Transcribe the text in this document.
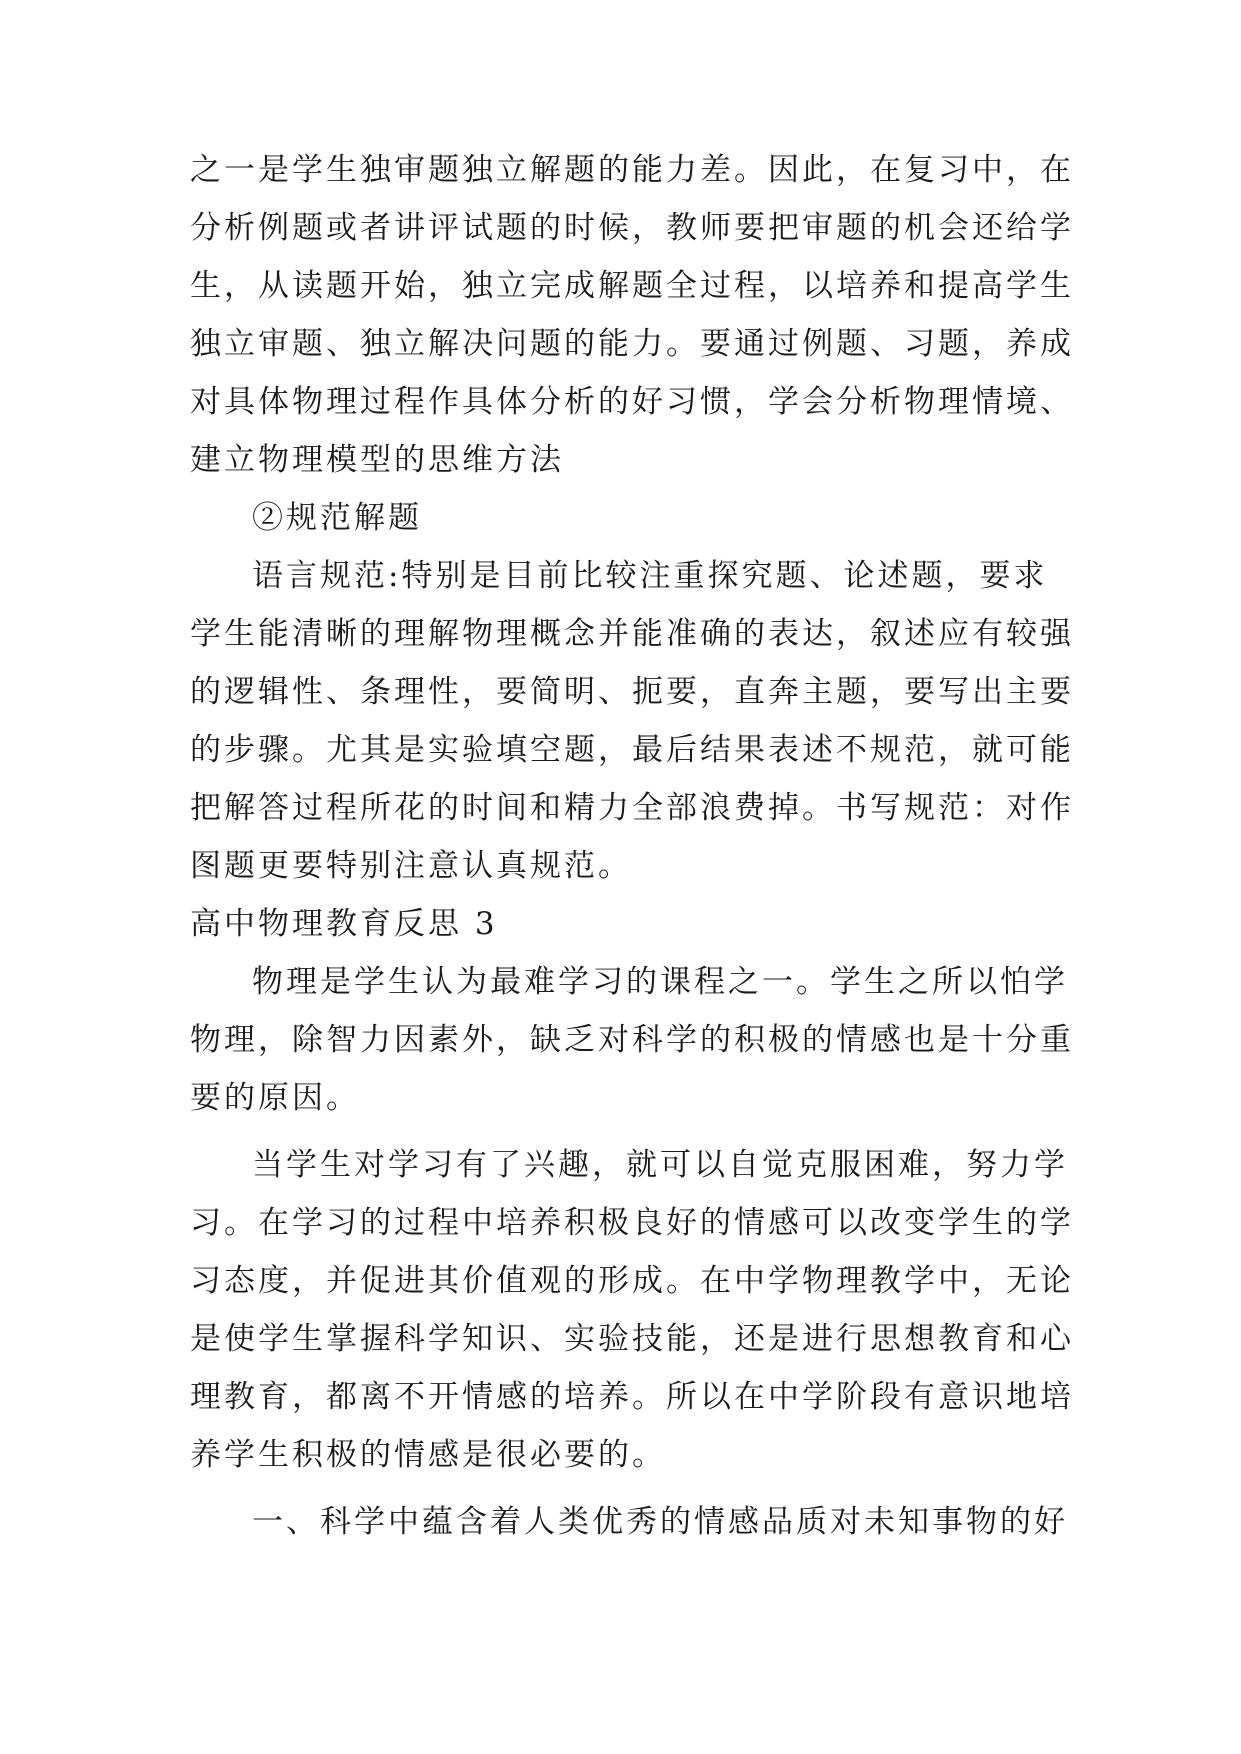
之一是学生独审题独立解题的能力差。因此，在复习中，在
分析例题或者讲评试题的时候，教师要把审题的机会还给学
生，从读题开始，独立完成解题全过程，以培养和提高学生
独立审题、独立解决问题的能力。要通过例题、习题，养成
对具体物理过程作具体分析的好习惯，学会分析物理情境、
建立物理模型的思维方法
②规范解题
语言规范:特别是目前比较注重探究题、论述题，要求
学生能清晰的理解物理概念并能准确的表达，叙述应有较强
的逻辑性、条理性，要简明、扼要，直奔主题，要写出主要
的步骤。尤其是实验填空题，最后结果表述不规范，就可能
把解答过程所花的时间和精力全部浪费掉。书写规范：对作
图题更要特别注意认真规范。
高中物理教育反思 3
物理是学生认为最难学习的课程之一。学生之所以怕学
物理，除智力因素外，缺乏对科学的积极的情感也是十分重
要的原因。
当学生对学习有了兴趣，就可以自觉克服困难，努力学
习。在学习的过程中培养积极良好的情感可以改变学生的学
习态度，并促进其价值观的形成。在中学物理教学中，无论
是使学生掌握科学知识、实验技能，还是进行思想教育和心
理教育，都离不开情感的培养。所以在中学阶段有意识地培
养学生积极的情感是很必要的。
一、科学中蕴含着人类优秀的情感品质对未知事物的好
